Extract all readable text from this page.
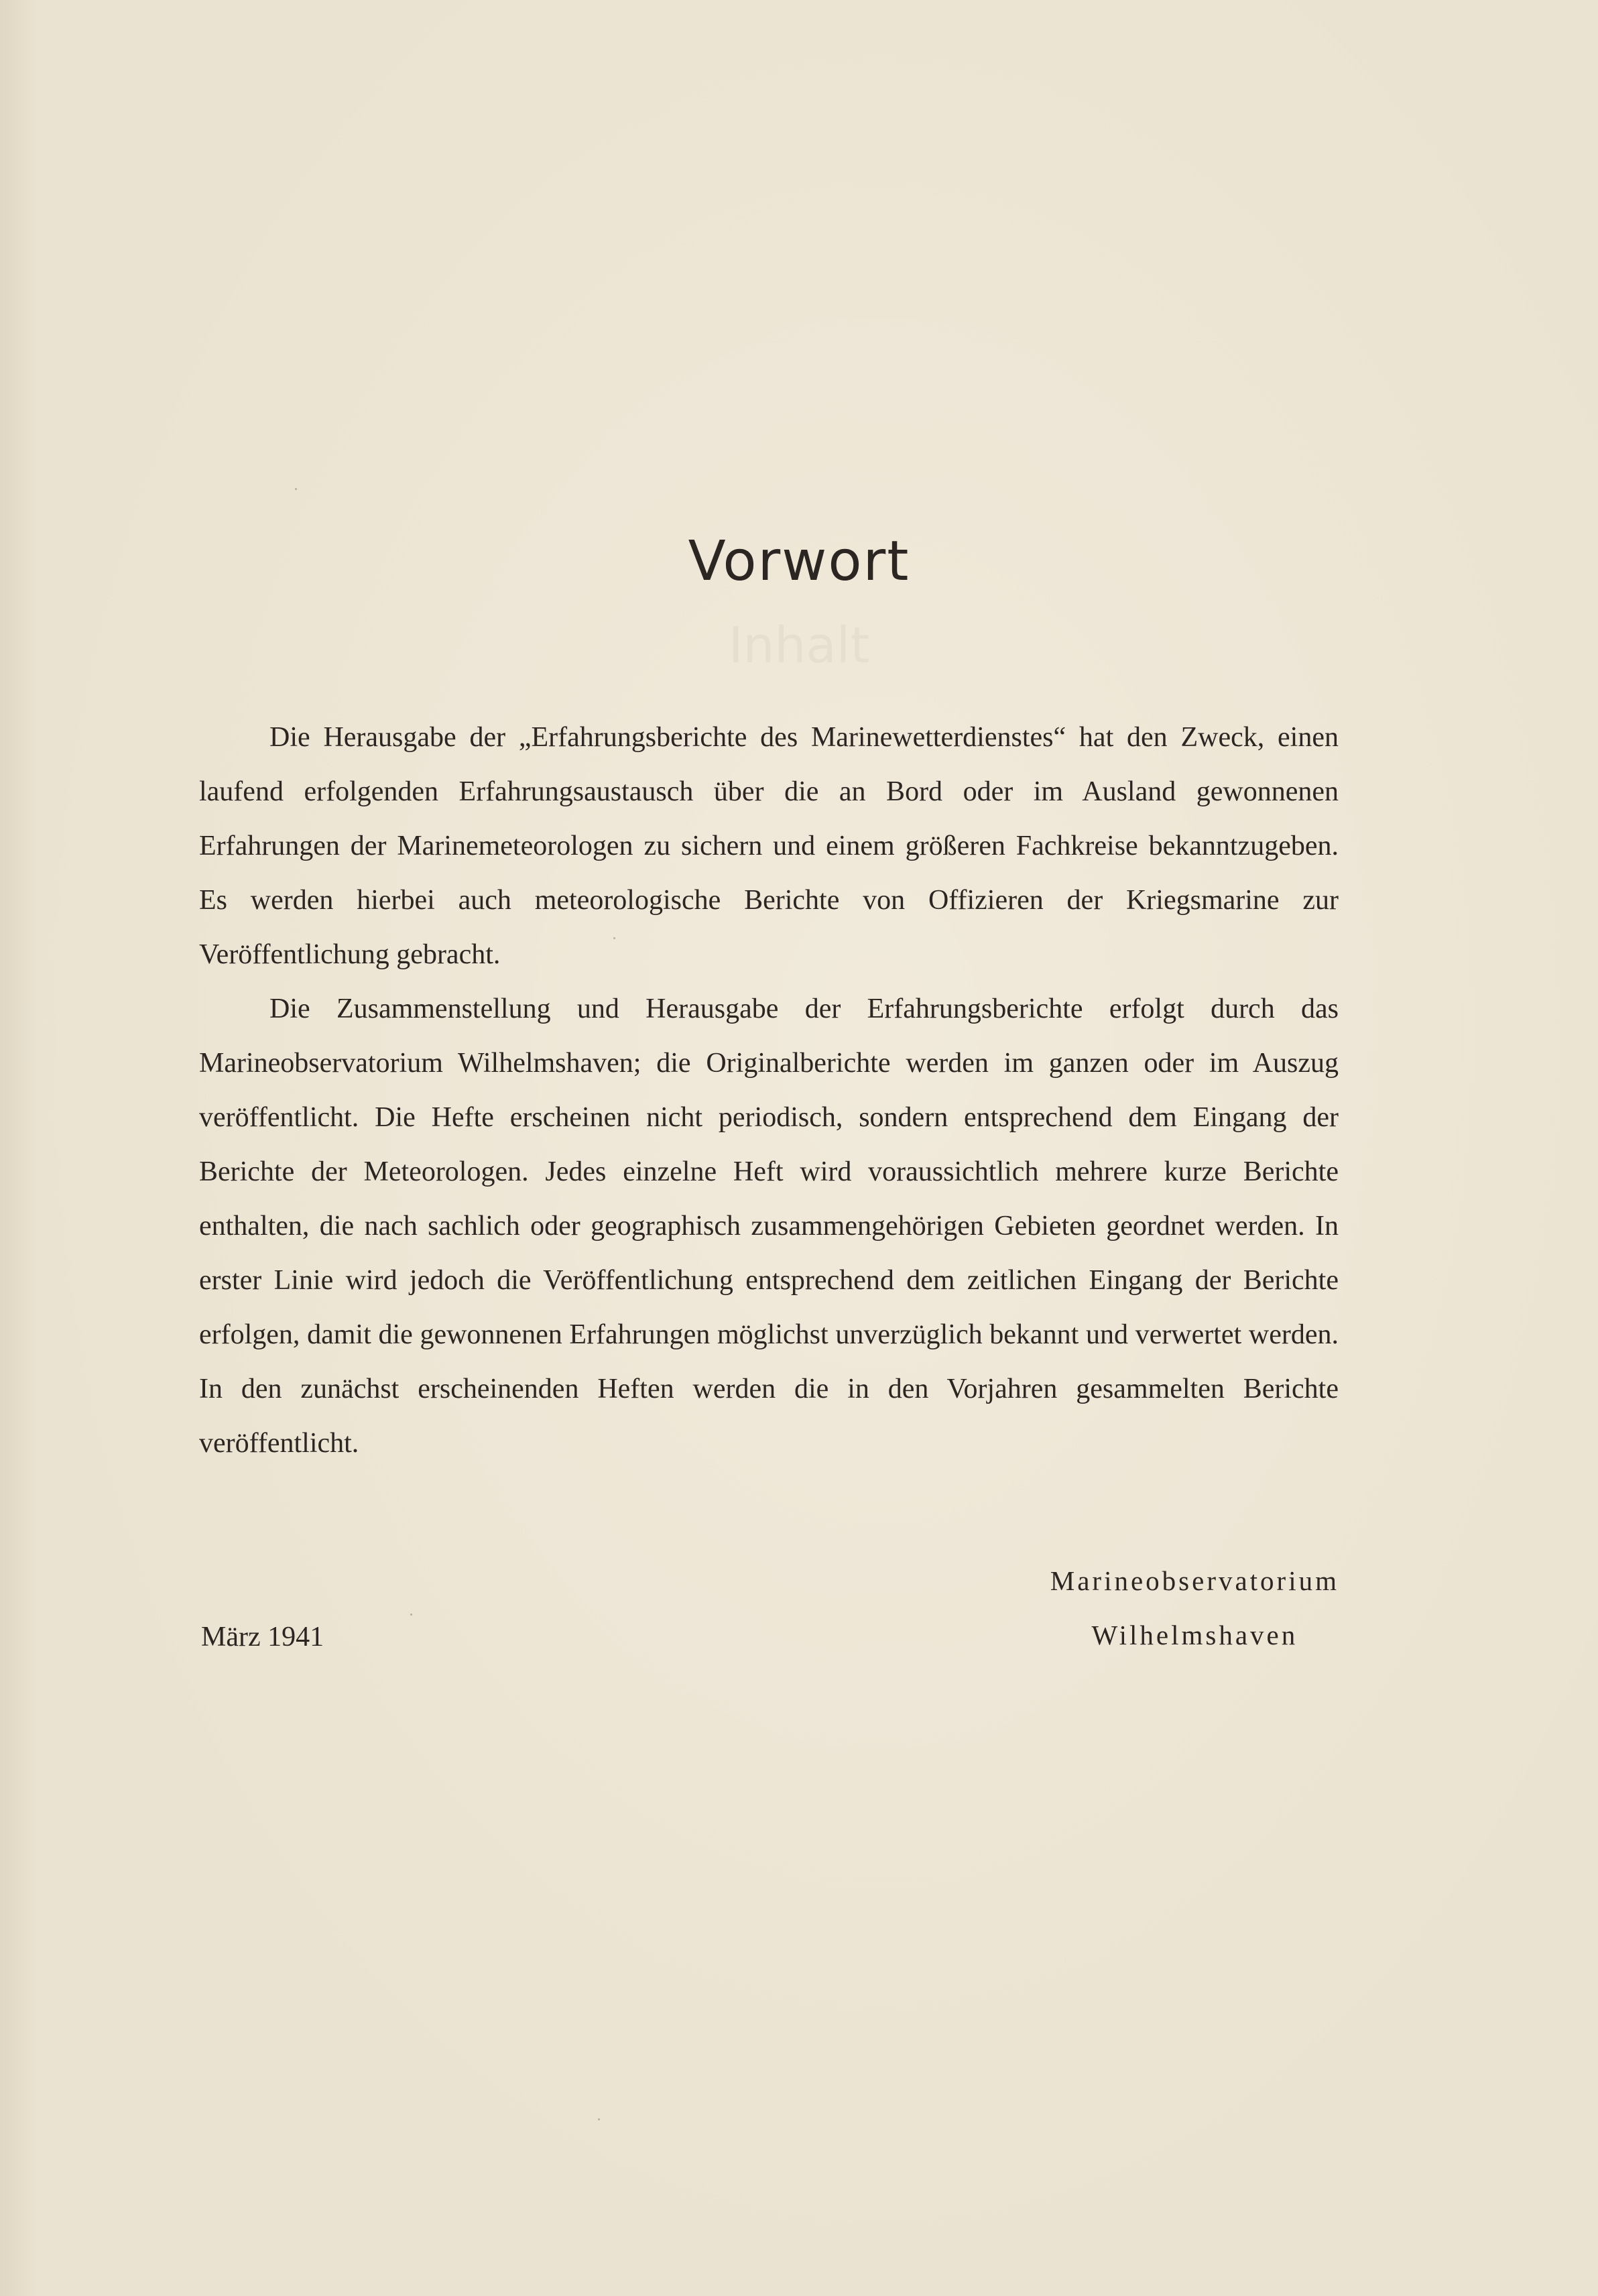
Vorwort
Inhalt

Die Herausgabe der „Erfahrungsberichte des Marinewetterdienstes“ hat den Zweck, einen laufend erfolgenden Erfahrungsaustausch über die an Bord oder im Ausland gewonnenen Erfahrungen der Marinemeteorologen zu sichern und einem größeren Fachkreise bekanntzugeben. Es werden hierbei auch meteorologische Berichte von Offizieren der Kriegsmarine zur Veröffentlichung gebracht.

Die Zusammenstellung und Herausgabe der Erfahrungsberichte erfolgt durch das Marineobservatorium Wilhelmshaven; die Originalberichte werden im ganzen oder im Auszug veröffentlicht. Die Hefte erscheinen nicht periodisch, sondern entsprechend dem Eingang der Berichte der Meteorologen. Jedes einzelne Heft wird voraussichtlich mehrere kurze Berichte enthalten, die nach sachlich oder geographisch zusammengehörigen Gebieten geordnet werden. In erster Linie wird jedoch die Veröffentlichung entsprechend dem zeitlichen Eingang der Berichte erfolgen, damit die gewonnenen Erfahrungen möglichst unverzüglich bekannt und verwertet werden. In den zunächst erscheinenden Heften werden die in den Vorjahren gesammelten Berichte veröffentlicht.

Marineobservatorium
Wilhelmshaven
März 1941
